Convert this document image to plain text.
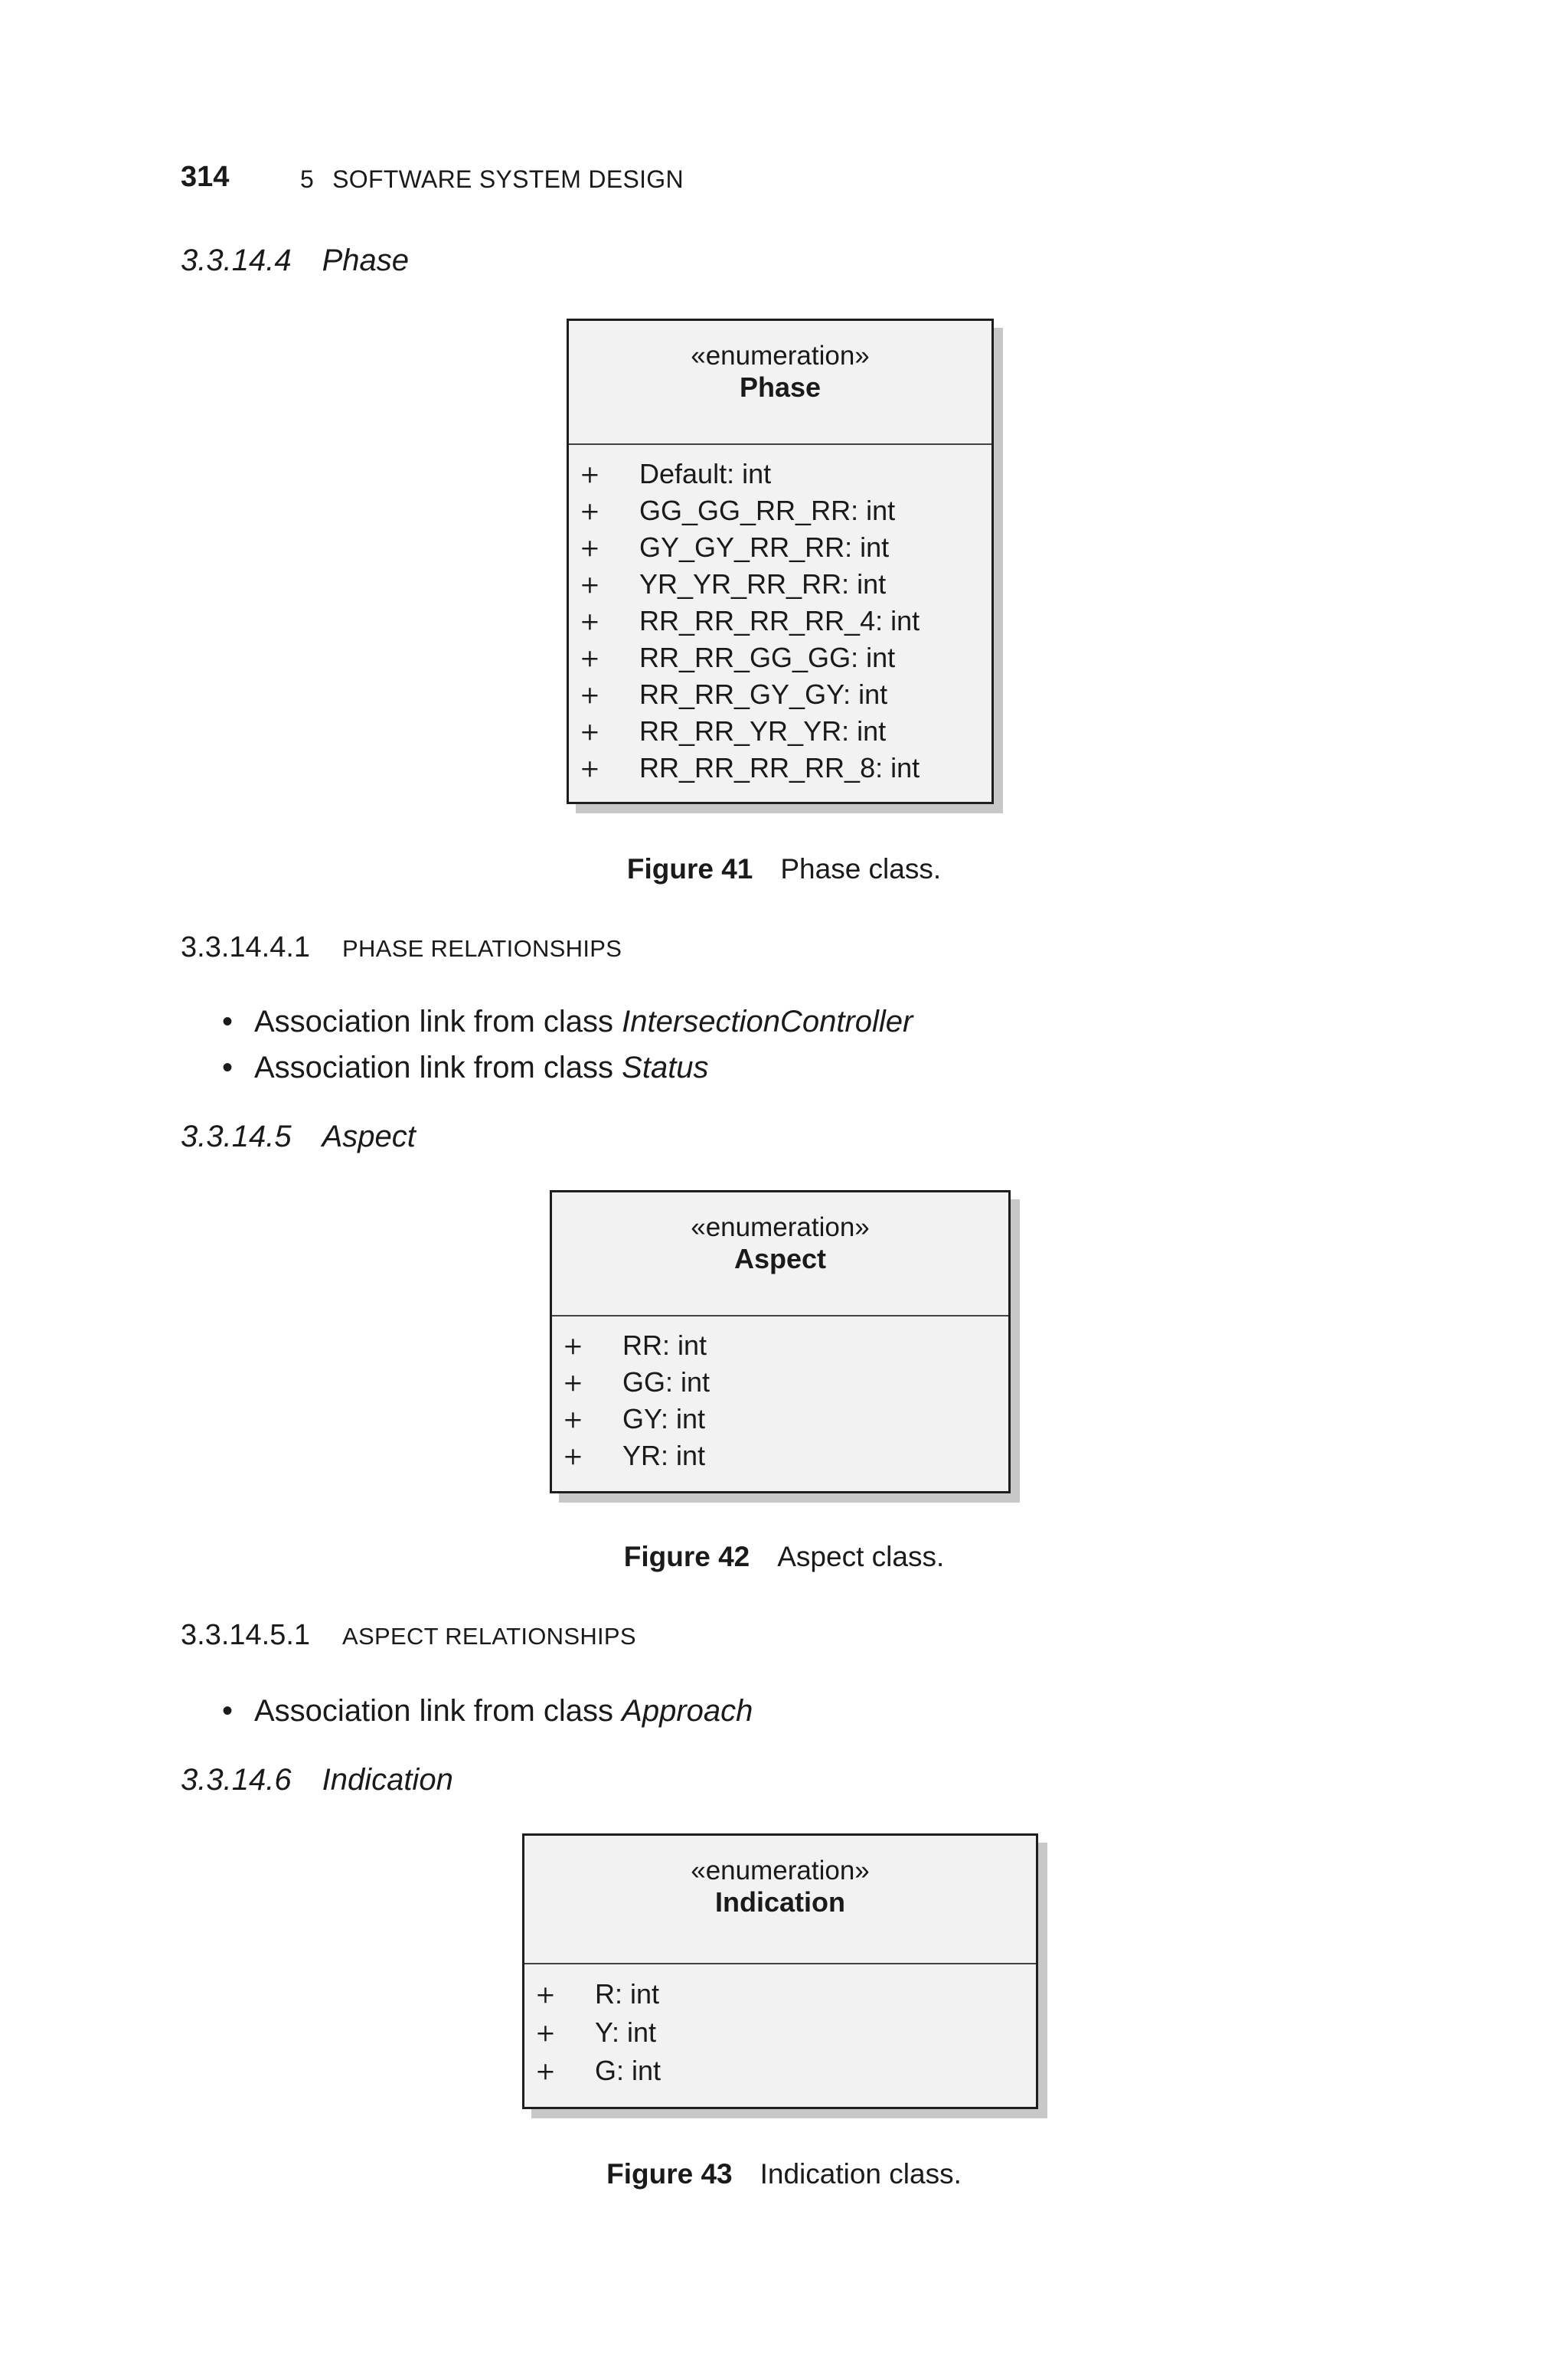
314	5 SOFTWARE SYSTEM DESIGN
3.3.14.4 Phase
«enumeration»
Phase
+ Default: int
+ GG_GG_RR_RR: int
+ GY_GY_RR_RR: int
+ YR_YR_RR_RR: int
+ RR_RR_RR_RR_4: int
+ RR_RR_GG_GG: int
+ RR_RR_GY_GY: int
+ RR_RR_YR_YR: int
+ RR_RR_RR_RR_8: int
Figure 41 Phase class.
3.3.14.4.1 PHASE RELATIONSHIPS
• Association link from class IntersectionController
• Association link from class Status
3.3.14.5 Aspect
«enumeration»
Aspect
+ RR: int
+ GG: int
+ GY: int
+ YR: int
Figure 42 Aspect class.
3.3.14.5.1 ASPECT RELATIONSHIPS
• Association link from class Approach
3.3.14.6 Indication
«enumeration»
Indication
+ R: int
+ Y: int
+ G: int
Figure 43 Indication class.
